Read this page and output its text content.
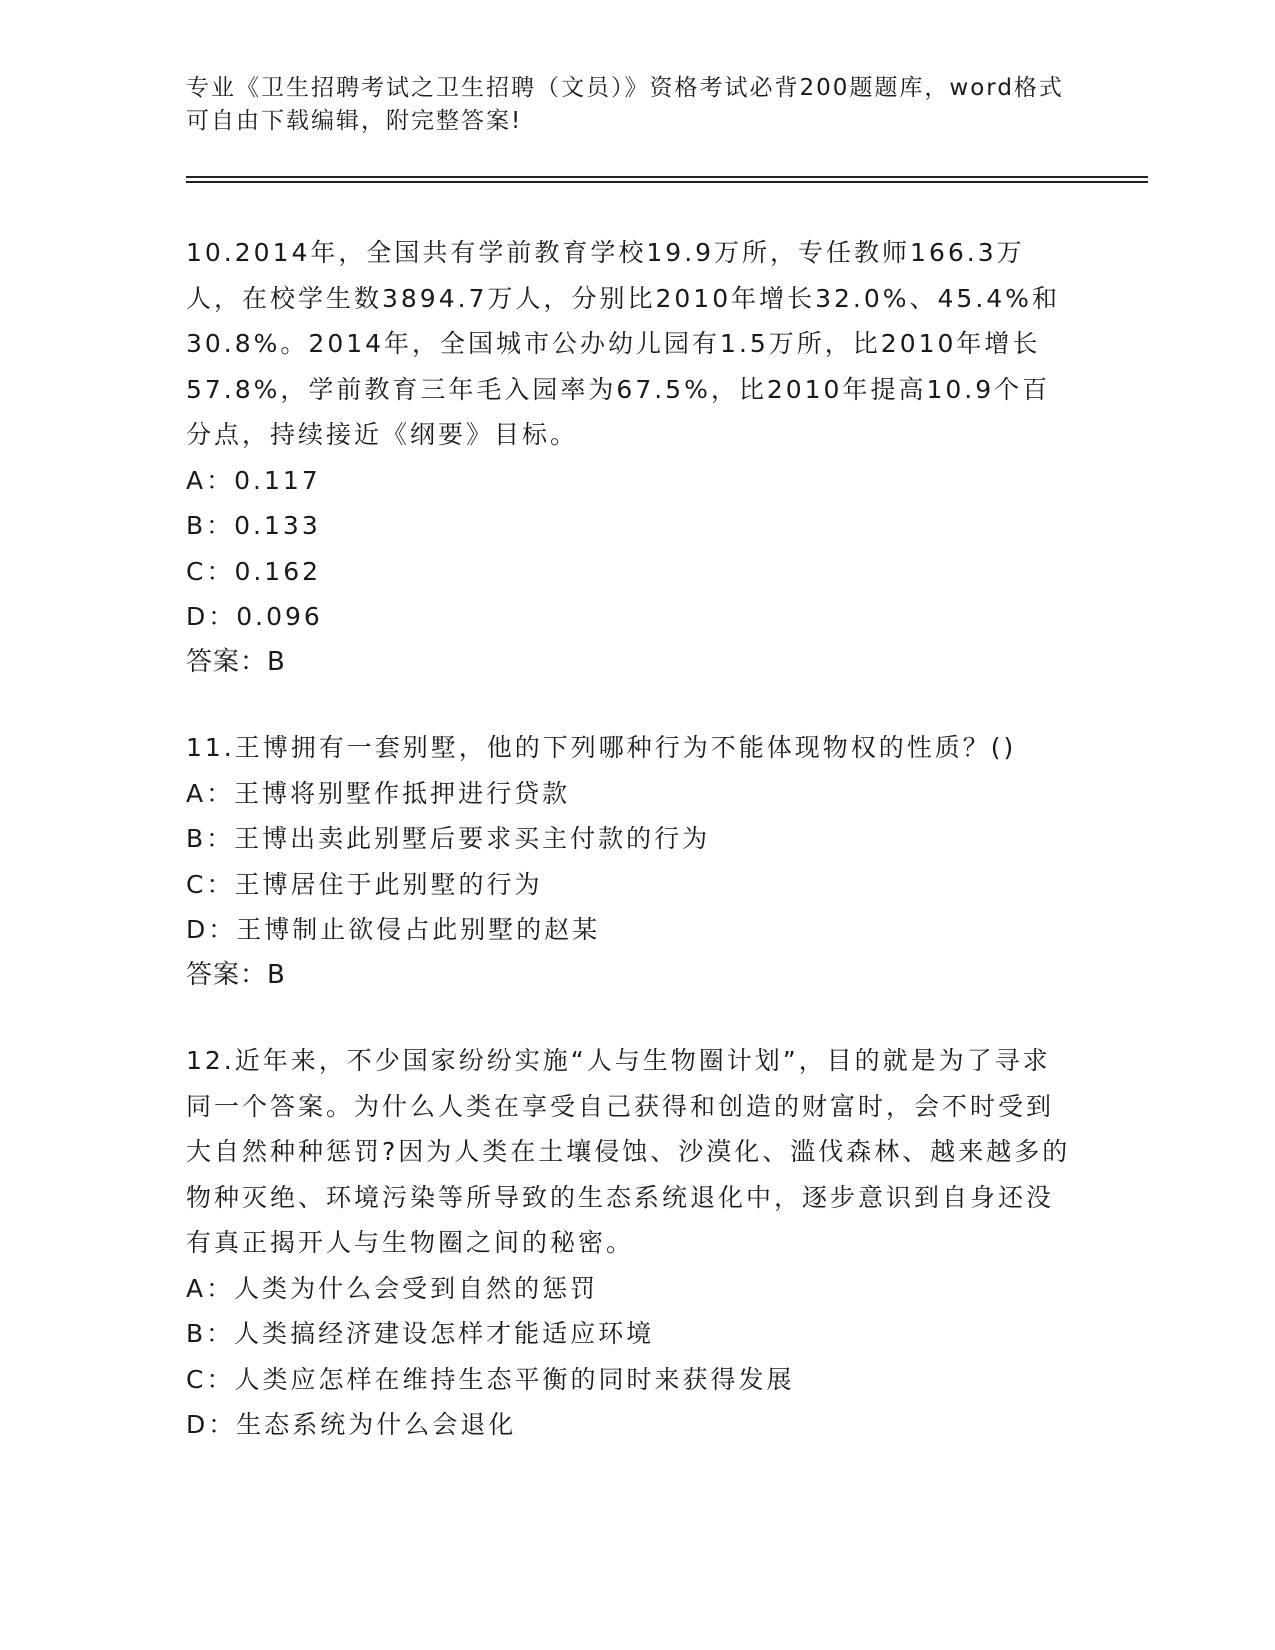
专业《卫生招聘考试之卫生招聘（文员）》资格考试必背200题题库，word格式
可自由下载编辑，附完整答案!

10.2014年，全国共有学前教育学校19.9万所，专任教师166.3万人，在校学生数3894.7万人，分别比2010年增长32.0%、45.4%和30.8%。2014年，全国城市公办幼儿园有1.5万所，比2010年增长57.8%，学前教育三年毛入园率为67.5%，比2010年提高10.9个百分点，持续接近《纲要》目标。

A：0.117
B：0.133
C：0.162
D：0.096
答案：B

11.王博拥有一套别墅，他的下列哪种行为不能体现物权的性质？()

A：王博将别墅作抵押进行贷款
B：王博出卖此别墅后要求买主付款的行为
C：王博居住于此别墅的行为
D：王博制止欲侵占此别墅的赵某
答案：B

12.近年来，不少国家纷纷实施“人与生物圈计划”，目的就是为了寻求同一个答案。为什么人类在享受自己获得和创造的财富时，会不时受到大自然种种惩罚?因为人类在土壤侵蚀、沙漠化、滥伐森林、越来越多的物种灭绝、环境污染等所导致的生态系统退化中，逐步意识到自身还没有真正揭开人与生物圈之间的秘密。

A：人类为什么会受到自然的惩罚
B：人类搞经济建设怎样才能适应环境
C：人类应怎样在维持生态平衡的同时来获得发展
D：生态系统为什么会退化
